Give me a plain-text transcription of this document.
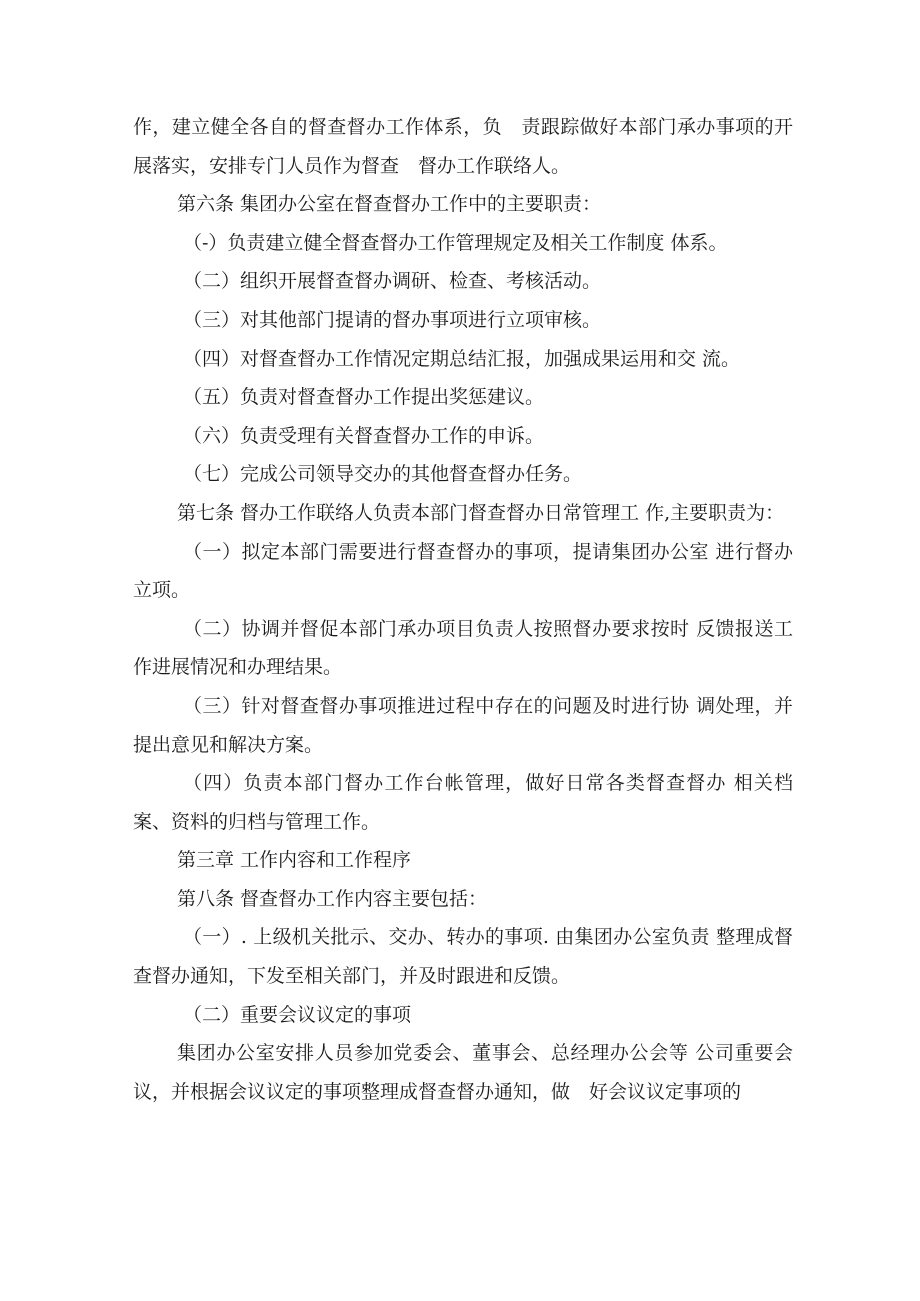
作，建立健全各自的督查督办工作体系，负　责跟踪做好本部门承办事项的开展落实，安排专门人员作为督查　督办工作联络人。

第六条 集团办公室在督查督办工作中的主要职责：

（-）负责建立健全督查督办工作管理规定及相关工作制度 体系。

（二）组织开展督查督办调研、检查、考核活动。

（三）对其他部门提请的督办事项进行立项审核。

（四）对督查督办工作情况定期总结汇报，加强成果运用和交 流。

（五）负责对督查督办工作提出奖惩建议。

（六）负责受理有关督查督办工作的申诉。

（七）完成公司领导交办的其他督查督办任务。

第七条 督办工作联络人负责本部门督查督办日常管理工 作,主要职责为：

（一）拟定本部门需要进行督查督办的事项，提请集团办公室 进行督办立项。

（二）协调并督促本部门承办项目负责人按照督办要求按时 反馈报送工作进展情况和办理结果。

（三）针对督查督办事项推进过程中存在的问题及时进行协 调处理，并提出意见和解决方案。

（四）负责本部门督办工作台帐管理，做好日常各类督查督办 相关档案、资料的归档与管理工作。

第三章 工作内容和工作程序

第八条 督查督办工作内容主要包括：

（一）. 上级机关批示、交办、转办的事项. 由集团办公室负责 整理成督查督办通知，下发至相关部门，并及时跟进和反馈。

（二）重要会议议定的事项

集团办公室安排人员参加党委会、董事会、总经理办公会等 公司重要会议，并根据会议议定的事项整理成督查督办通知，做　好会议议定事项的
